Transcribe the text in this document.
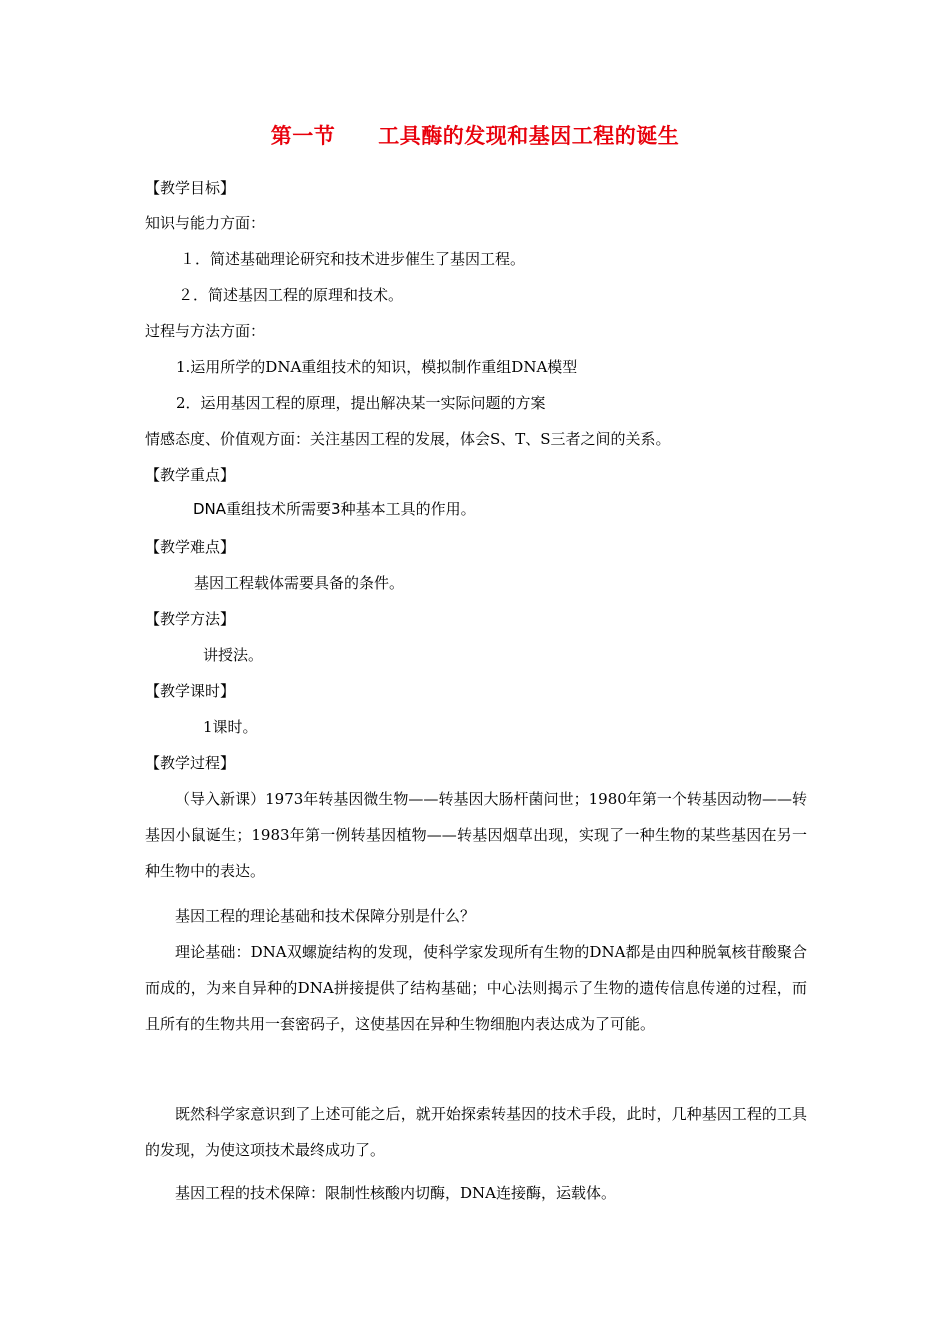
第一节　　工具酶的发现和基因工程的诞生
【教学目标】
知识与能力方面：
１．简述基础理论研究和技术进步催生了基因工程。
２．简述基因工程的原理和技术。
过程与方法方面：
1.运用所学的DNA重组技术的知识，模拟制作重组DNA模型
2．运用基因工程的原理，提出解决某一实际问题的方案
情感态度、价值观方面：关注基因工程的发展，体会S、T、S三者之间的关系。
【教学重点】
DNA重组技术所需要3种基本工具的作用。
【教学难点】
基因工程载体需要具备的条件。
【教学方法】
讲授法。
【教学课时】
1课时。
【教学过程】
（导入新课）1973年转基因微生物——转基因大肠杆菌问世；1980年第一个转基因动物——转基因小鼠诞生；1983年第一例转基因植物——转基因烟草出现，实现了一种生物的某些基因在另一种生物中的表达。
基因工程的理论基础和技术保障分别是什么？
理论基础：DNA双螺旋结构的发现，使科学家发现所有生物的DNA都是由四种脱氧核苷酸聚合而成的，为来自异种的DNA拼接提供了结构基础；中心法则揭示了生物的遗传信息传递的过程，而且所有的生物共用一套密码子，这使基因在异种生物细胞内表达成为了可能。
既然科学家意识到了上述可能之后，就开始探索转基因的技术手段，此时，几种基因工程的工具的发现，为使这项技术最终成功了。
基因工程的技术保障：限制性核酸内切酶，DNA连接酶，运载体。
